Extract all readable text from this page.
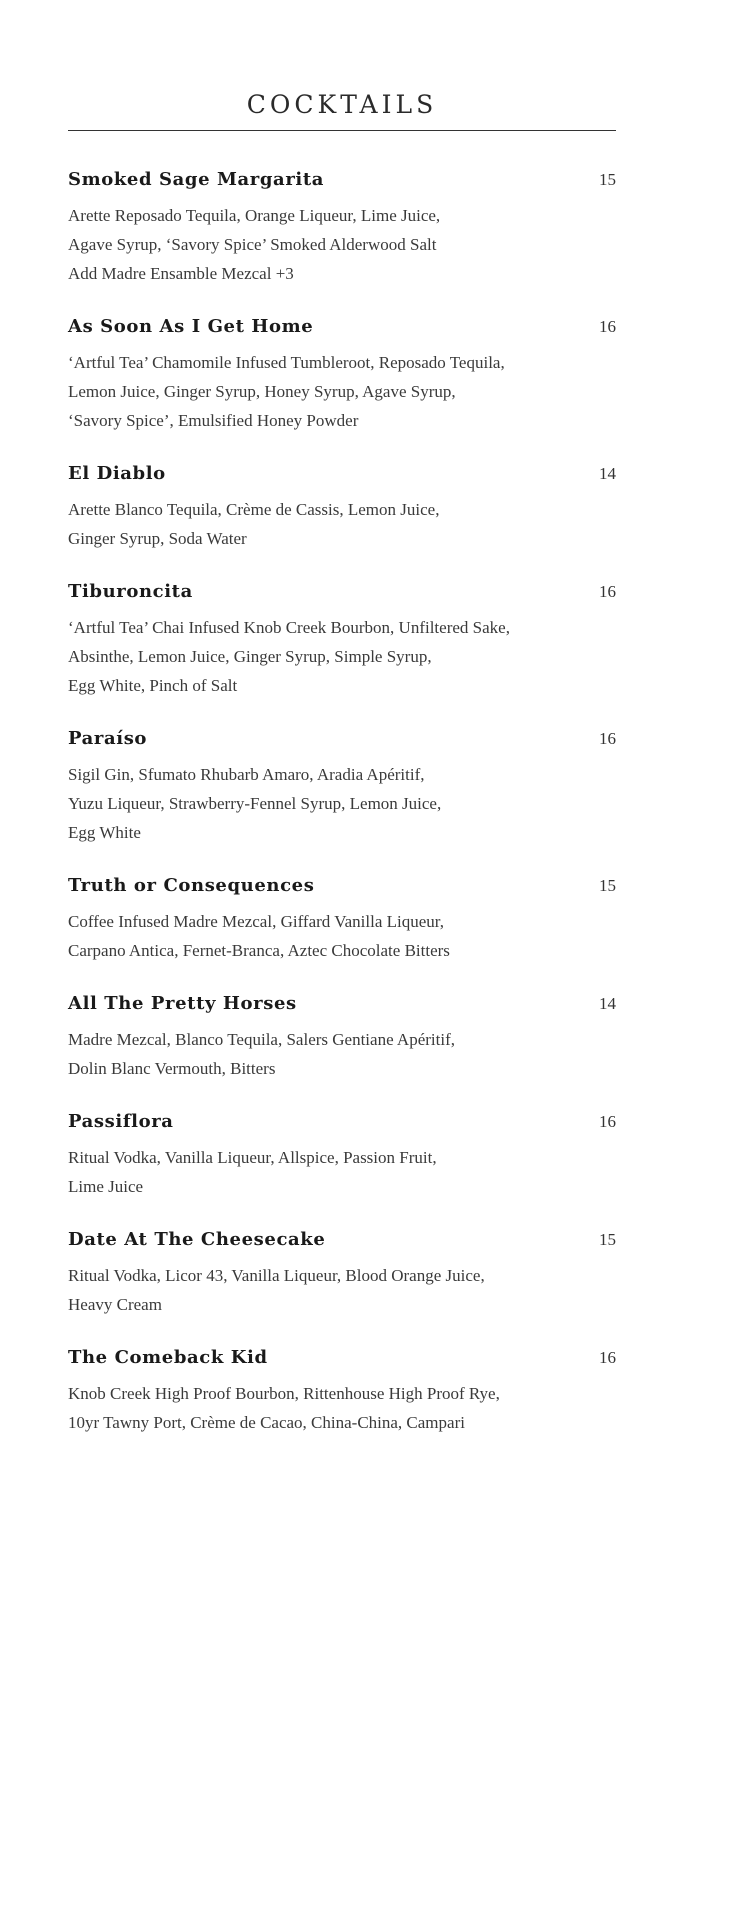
COCKTAILS
Smoked Sage Margarita	15
Arette Reposado Tequila, Orange Liqueur, Lime Juice,
Agave Syrup, ‘Savory Spice’ Smoked Alderwood Salt
Add Madre Ensamble Mezcal +3
As Soon As I Get Home	16
‘Artful Tea’ Chamomile Infused Tumbleroot, Reposado Tequila,
Lemon Juice, Ginger Syrup, Honey Syrup, Agave Syrup,
‘Savory Spice’, Emulsified Honey Powder
El Diablo	14
Arette Blanco Tequila, Crème de Cassis, Lemon Juice,
Ginger Syrup, Soda Water
Tiburoncita	16
‘Artful Tea’ Chai Infused Knob Creek Bourbon, Unfiltered Sake,
Absinthe, Lemon Juice, Ginger Syrup, Simple Syrup,
Egg White, Pinch of Salt
Paraíso	16
Sigil Gin, Sfumato Rhubarb Amaro, Aradia Apéritif,
Yuzu Liqueur, Strawberry-Fennel Syrup, Lemon Juice,
Egg White
Truth or Consequences	15
Coffee Infused Madre Mezcal, Giffard Vanilla Liqueur,
Carpano Antica, Fernet-Branca, Aztec Chocolate Bitters
All The Pretty Horses	14
Madre Mezcal, Blanco Tequila, Salers Gentiane Apéritif,
Dolin Blanc Vermouth, Bitters
Passiflora	16
Ritual Vodka, Vanilla Liqueur, Allspice, Passion Fruit,
Lime Juice
Date At The Cheesecake	15
Ritual Vodka, Licor 43, Vanilla Liqueur, Blood Orange Juice,
Heavy Cream
The Comeback Kid	16
Knob Creek High Proof Bourbon, Rittenhouse High Proof Rye,
10yr Tawny Port, Crème de Cacao, China-China, Campari
